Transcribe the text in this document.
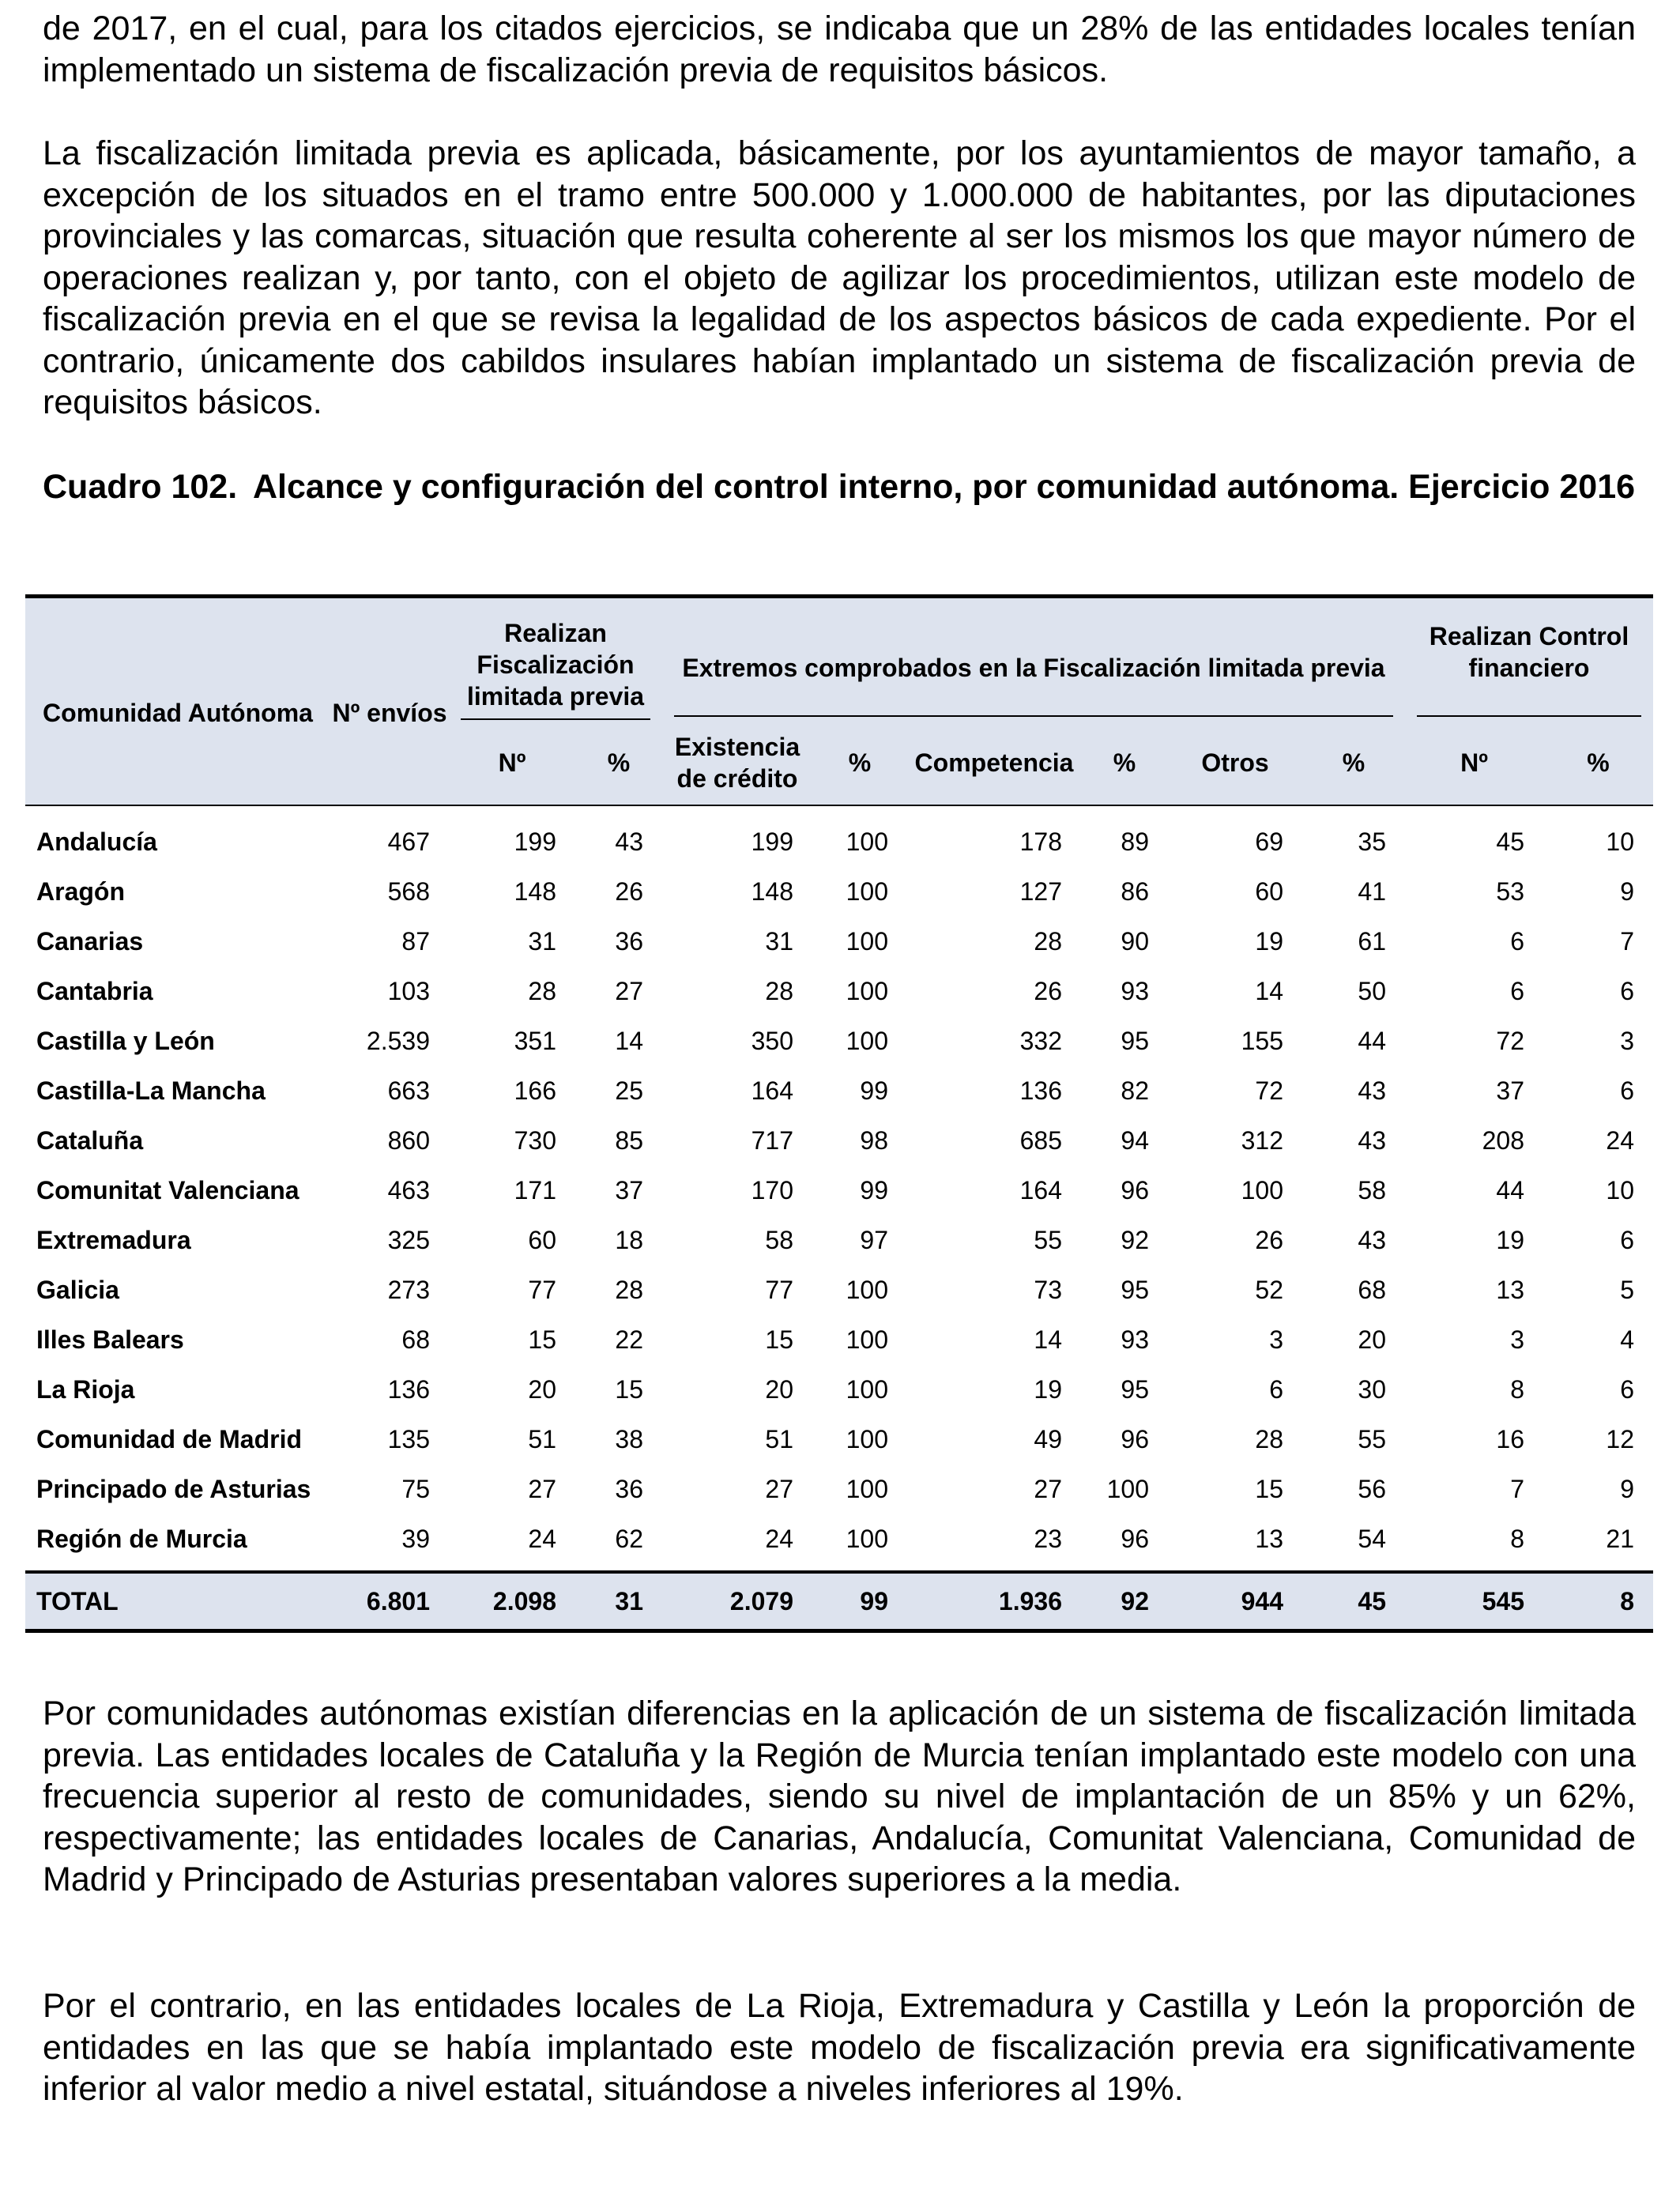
de 2017, en el cual, para los citados ejercicios, se indicaba que un 28% de las entidades locales tenían implementado un sistema de fiscalización previa de requisitos básicos.

La fiscalización limitada previa es aplicada, básicamente, por los ayuntamientos de mayor tamaño, a excepción de los situados en el tramo entre 500.000 y 1.000.000 de habitantes, por las diputaciones provinciales y las comarcas, situación que resulta coherente al ser los mismos los que mayor número de operaciones realizan y, por tanto, con el objeto de agilizar los procedimientos, utilizan este modelo de fiscalización previa en el que se revisa la legalidad de los aspectos básicos de cada expediente. Por el contrario, únicamente dos cabildos insulares habían implantado un sistema de fiscalización previa de requisitos básicos.

Cuadro 102. Alcance y configuración del control interno, por comunidad autónoma. Ejercicio 2016
Comunidad Autónoma	Nº envíos	Realizan Fiscalización limitada previa		Extremos comprobados en la Fiscalización limitada previa						Realizan Control financiero	

		Nº	%	Existencia de crédito	%	Competencia	%	Otros	%	Nº	%
Andalucía	467	199	43	199	100	178	89	69	35	45	10
Aragón	568	148	26	148	100	127	86	60	41	53	9
Canarias	87	31	36	31	100	28	90	19	61	6	7
Cantabria	103	28	27	28	100	26	93	14	50	6	6
Castilla y León	2.539	351	14	350	100	332	95	155	44	72	3
Castilla-La Mancha	663	166	25	164	99	136	82	72	43	37	6
Cataluña	860	730	85	717	98	685	94	312	43	208	24
Comunitat Valenciana	463	171	37	170	99	164	96	100	58	44	10
Extremadura	325	60	18	58	97	55	92	26	43	19	6
Galicia	273	77	28	77	100	73	95	52	68	13	5
Illes Balears	68	15	22	15	100	14	93	3	20	3	4
La Rioja	136	20	15	20	100	19	95	6	30	8	6
Comunidad de Madrid	135	51	38	51	100	49	96	28	55	16	12
Principado de Asturias	75	27	36	27	100	27	100	15	56	7	9
Región de Murcia	39	24	62	24	100	23	96	13	54	8	21
TOTAL	6.801	2.098	31	2.079	99	1.936	92	944	45	545	8

Por comunidades autónomas existían diferencias en la aplicación de un sistema de fiscalización limitada previa. Las entidades locales de Cataluña y la Región de Murcia tenían implantado este modelo con una frecuencia superior al resto de comunidades, siendo su nivel de implantación de un 85% y un 62%, respectivamente; las entidades locales de Canarias, Andalucía, Comunitat Valenciana, Comunidad de Madrid y Principado de Asturias presentaban valores superiores a la media.

Por el contrario, en las entidades locales de La Rioja, Extremadura y Castilla y León la proporción de entidades en las que se había implantado este modelo de fiscalización previa era significativamente inferior al valor medio a nivel estatal, situándose a niveles inferiores al 19%.
